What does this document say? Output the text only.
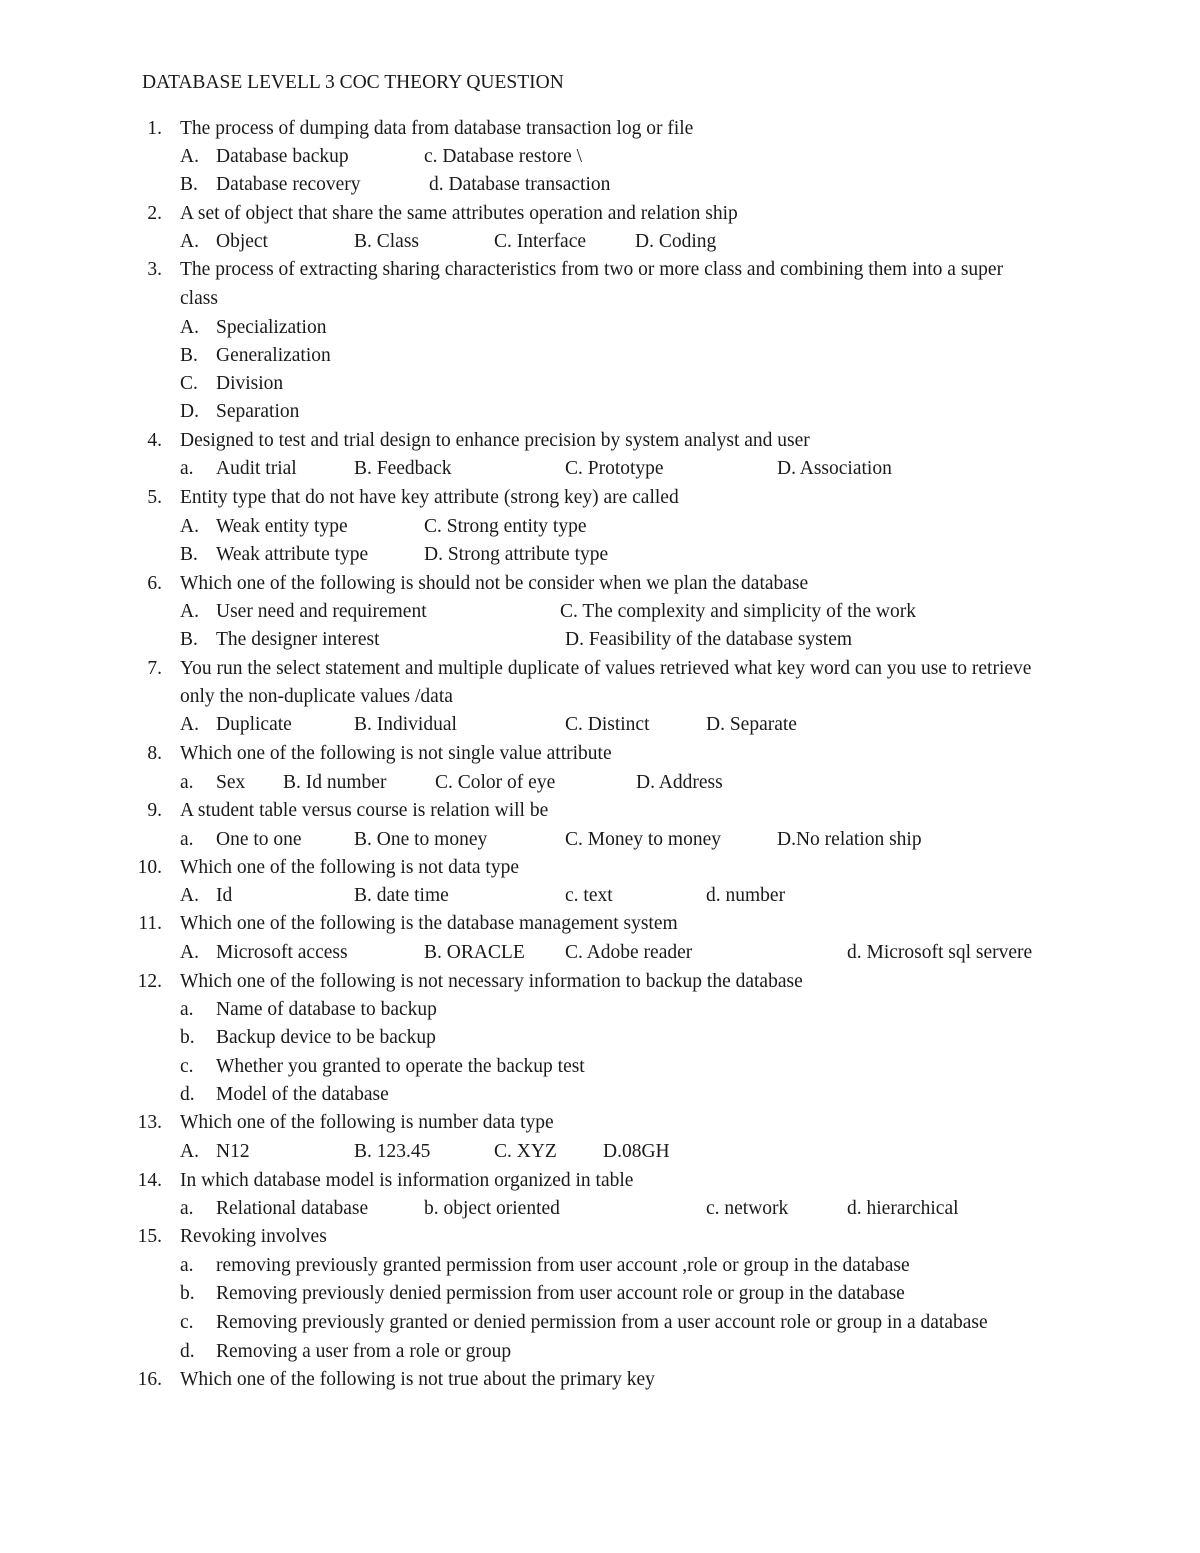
DATABASE LEVELL 3 COC THEORY QUESTION
1. The process of dumping data from database transaction log or file
A. Database backup	c. Database restore \
B. Database recovery	d. Database transaction
2. A set of object that share the same attributes operation and relation ship
A. Object	B. Class	C. Interface	D. Coding
3. The process of extracting sharing characteristics from two or more class and combining them into a super
class
A. Specialization
B. Generalization
C. Division
D. Separation
4. Designed to test and trial design to enhance precision by system analyst and user
a. Audit trial	B. Feedback	C. Prototype	D. Association
5. Entity type that do not have key attribute (strong key) are called
A. Weak entity type	C. Strong entity type
B. Weak attribute type	D. Strong attribute type
6. Which one of the following is should not be consider when we plan the database
A. User need and requirement	C. The complexity and simplicity of the work
B. The designer interest	D. Feasibility of the database system
7. You run the select statement and multiple duplicate of values retrieved what key word can you use to retrieve
only the non-duplicate values /data
A. Duplicate	B. Individual	C. Distinct	D. Separate
8. Which one of the following is not single value attribute
a. Sex B. Id number C. Color of eye	D. Address
9. A student table versus course is relation will be
a. One to one	B. One to money	C. Money to money	D.No relation ship
10. Which one of the following is not data type
A. Id	B. date time	c. text	d. number
11. Which one of the following is the database management system
A. Microsoft access	B. ORACLE C. Adobe reader	d. Microsoft sql servere
12. Which one of the following is not necessary information to backup the database
a. Name of database to backup
b. Backup device to be backup
c. Whether you granted to operate the backup test
d. Model of the database
13. Which one of the following is number data type
A. N12	B. 123.45	C. XYZ D.08GH
14. In which database model is information organized in table
a. Relational database	b. object oriented	c. network	d. hierarchical
15. Revoking involves
a. removing previously granted permission from user account ,role or group in the database
b. Removing previously denied permission from user account role or group in the database
c. Removing previously granted or denied permission from a user account role or group in a database
d. Removing a user from a role or group
16. Which one of the following is not true about the primary key
